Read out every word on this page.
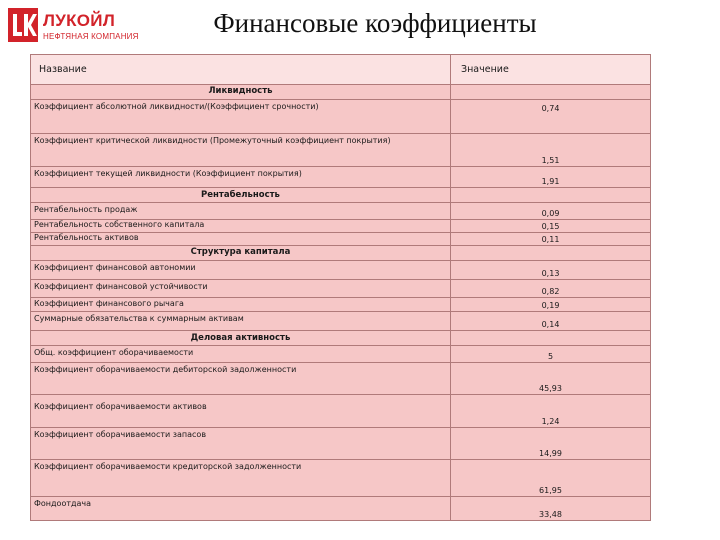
ЛУКОЙЛ
НЕФТЯНАЯ КОМПАНИЯ	Финансовые коэффициенты
Название	Значение
Ликвидность	
Коэффициент абсолютной ликвидности/(Коэффициент срочности)	0,74
Коэффициент критической ликвидности (Промежуточный коэффициент покрытия)	1,51
Коэффициент текущей ликвидности (Коэффициент покрытия)	1,91
Рентабельность	
Рентабельность продаж	0,09
Рентабельность собственного капитала	0,15
Рентабельность активов	0,11
Структура капитала	
Коэффициент финансовой автономии	0,13
Коэффициент финансовой устойчивости	0,82
Коэффициент финансового рычага	0,19
Суммарные обязательства к суммарным активам	0,14
Деловая активность	
Общ. коэффициент оборачиваемости	5
Коэффициент оборачиваемости дебиторской задолженности	45,93
Коэффициент оборачиваемости активов	1,24
Коэффициент оборачиваемости запасов	14,99
Коэффициент оборачиваемости кредиторской задолженности	61,95
Фондоотдача	33,48
